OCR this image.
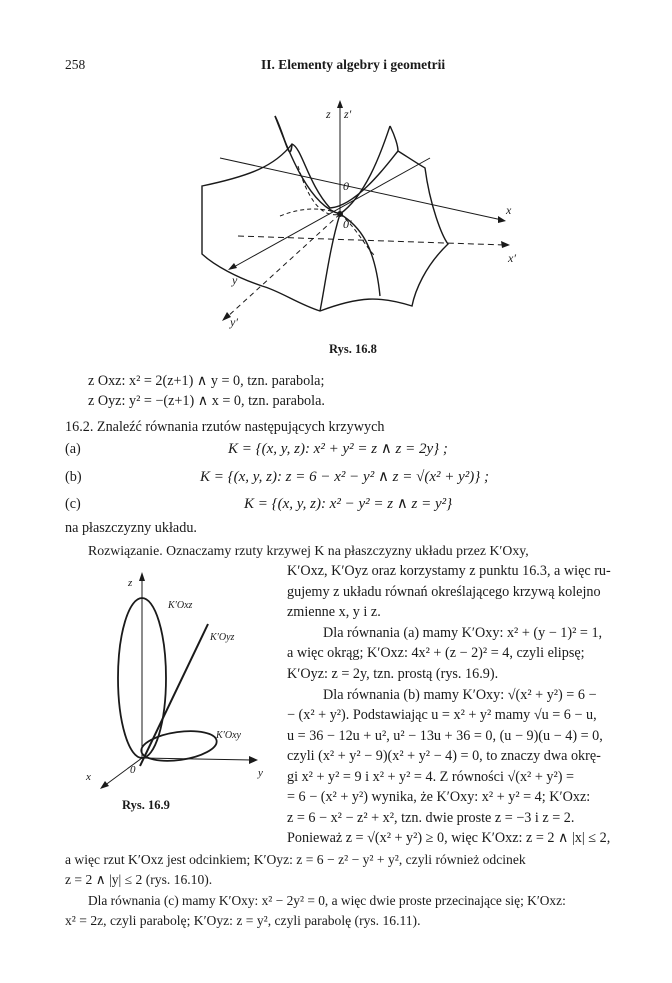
258	II. Elementy algebry i geometrii
z z′
0
0′
x
x′
y
y′
Rys. 16.8
z Oxz: x² = 2(z+1) ∧ y = 0, tzn. parabola;
z Oyz: y² = −(z+1) ∧ x = 0, tzn. parabola.
16.2. Znaleźć równania rzutów następujących krzywych
(a)	K = {(x, y, z): x² + y² = z ∧ z = 2y} ;
(b)	K = {(x, y, z): z = 6 − x² − y² ∧ z = √(x² + y²)} ;
(c)	K = {(x, y, z): x² − y² = z ∧ z = y²}
na płaszczyzny układu.
Rozwiązanie. Oznaczamy rzuty krzywej K na płaszczyzny układu przez K′Oxy,
z
y
x
0
K′Oxz
K′Oyz
K′Oxy
Rys. 16.9
K′Oxz, K′Oyz oraz korzystamy z punktu 16.3, a więc ru-
gujemy z układu równań określającego krzywą kolejno
zmienne x, y i z.
Dla równania (a) mamy K′Oxy: x² + (y − 1)² = 1,
a więc okrąg; K′Oxz: 4x² + (z − 2)² = 4, czyli elipsę;
K′Oyz: z = 2y, tzn. prostą (rys. 16.9).
Dla równania (b) mamy K′Oxy: √(x² + y²) = 6 −
− (x² + y²). Podstawiając u = x² + y² mamy √u = 6 − u,
u = 36 − 12u + u², u² − 13u + 36 = 0, (u − 9)(u − 4) = 0,
czyli (x² + y² − 9)(x² + y² − 4) = 0, to znaczy dwa okrę-
gi x² + y² = 9 i x² + y² = 4. Z równości √(x² + y²) =
= 6 − (x² + y²) wynika, że K′Oxy: x² + y² = 4; K′Oxz:
z = 6 − x² − z² + x², tzn. dwie proste z = −3 i z = 2.
Ponieważ z = √(x² + y²) ≥ 0, więc K′Oxz: z = 2 ∧ |x| ≤ 2,
a więc rzut K′Oxz jest odcinkiem; K′Oyz: z = 6 − z² − y² + y², czyli również odcinek
z = 2 ∧ |y| ≤ 2 (rys. 16.10).
Dla równania (c) mamy K′Oxy: x² − 2y² = 0, a więc dwie proste przecinające się; K′Oxz:
x² = 2z, czyli parabolę; K′Oyz: z = y², czyli parabolę (rys. 16.11).
